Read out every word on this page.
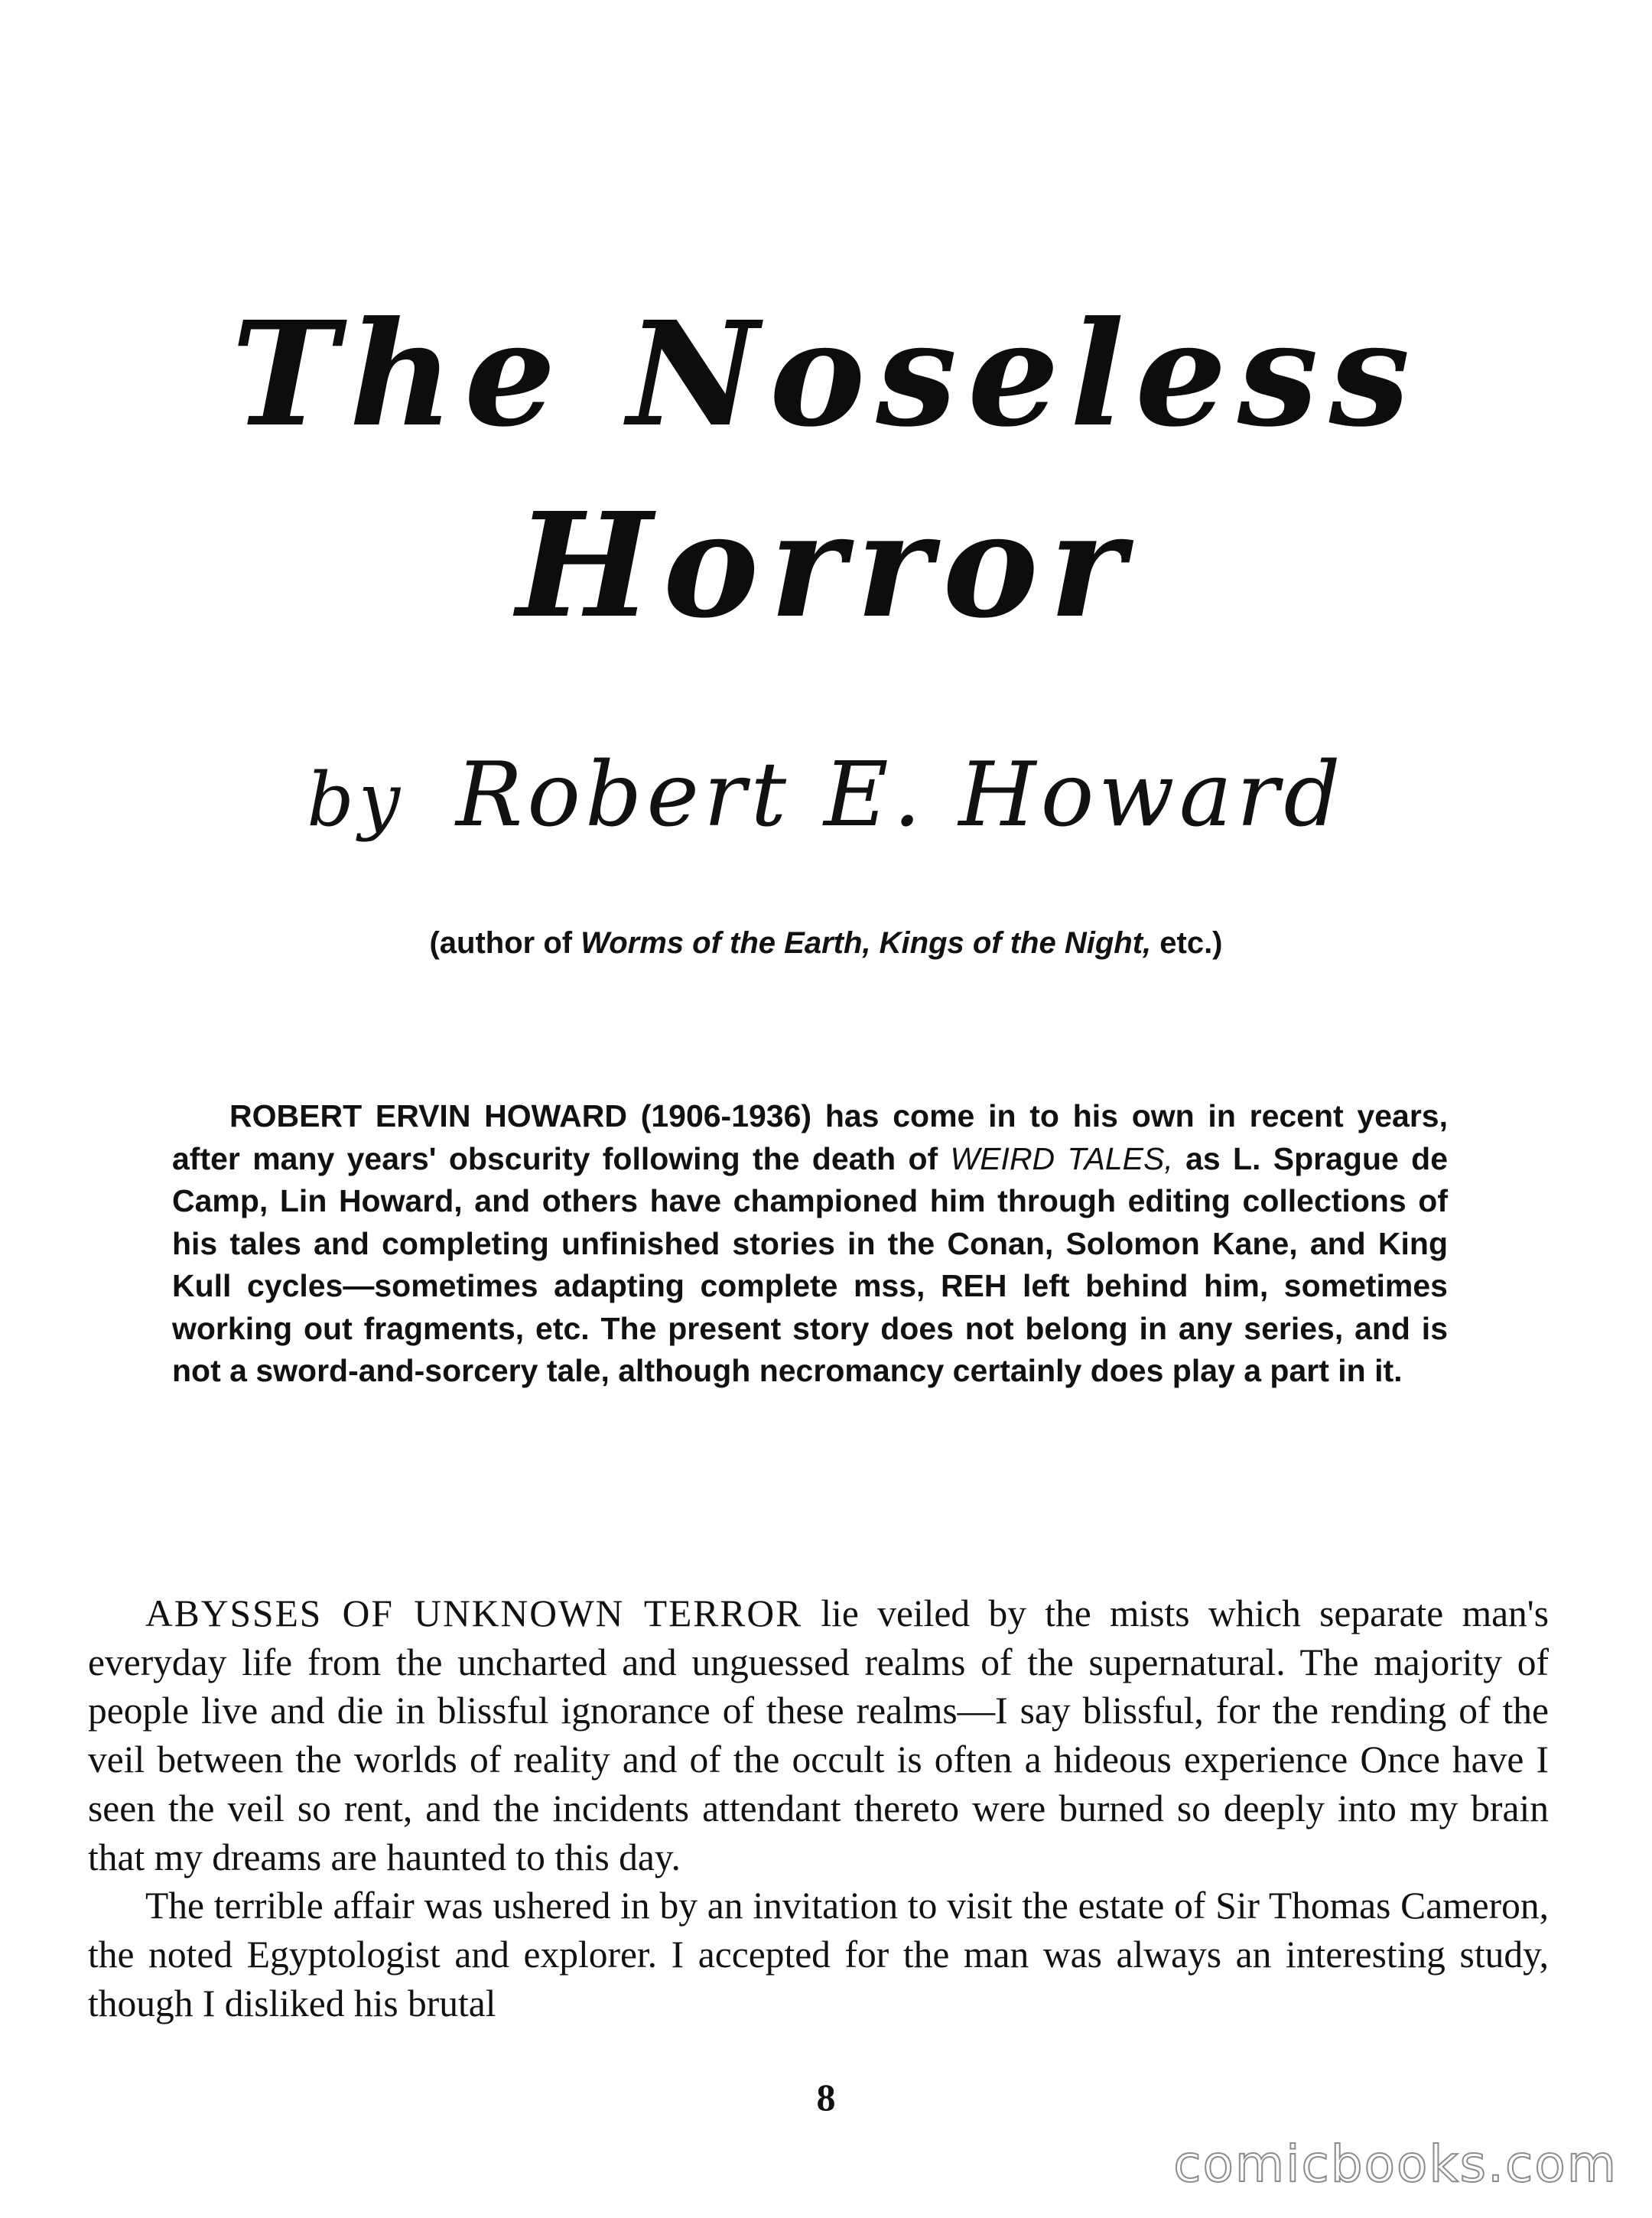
The Noseless
Horror
by Robert E. Howard
(author of Worms of the Earth, Kings of the Night, etc.)

ROBERT ERVIN HOWARD (1906-1936) has come in to his own in recent years, after many years' obscurity following the death of WEIRD TALES, as L. Sprague de Camp, Lin Howard, and others have championed him through editing collections of his tales and completing unfinished stories in the Conan, Solomon Kane, and King Kull cycles—sometimes adapting complete mss, REH left behind him, sometimes working out fragments, etc. The present story does not belong in any series, and is not a sword-and-sorcery tale, although necromancy certainly does play a part in it.

ABYSSES OF UNKNOWN TERROR lie veiled by the mists which separate man's everyday life from the uncharted and unguessed realms of the supernatural. The majority of people live and die in blissful ignorance of these realms—I say blissful, for the rending of the veil between the worlds of reality and of the occult is often a hideous experience Once have I seen the veil so rent, and the incidents attendant thereto were burned so deeply into my brain that my dreams are haunted to this day.

The terrible affair was ushered in by an invitation to visit the estate of Sir Thomas Cameron, the noted Egyptologist and explorer. I accepted for the man was always an interesting study, though I disliked his brutal

8
comicbooks.com
